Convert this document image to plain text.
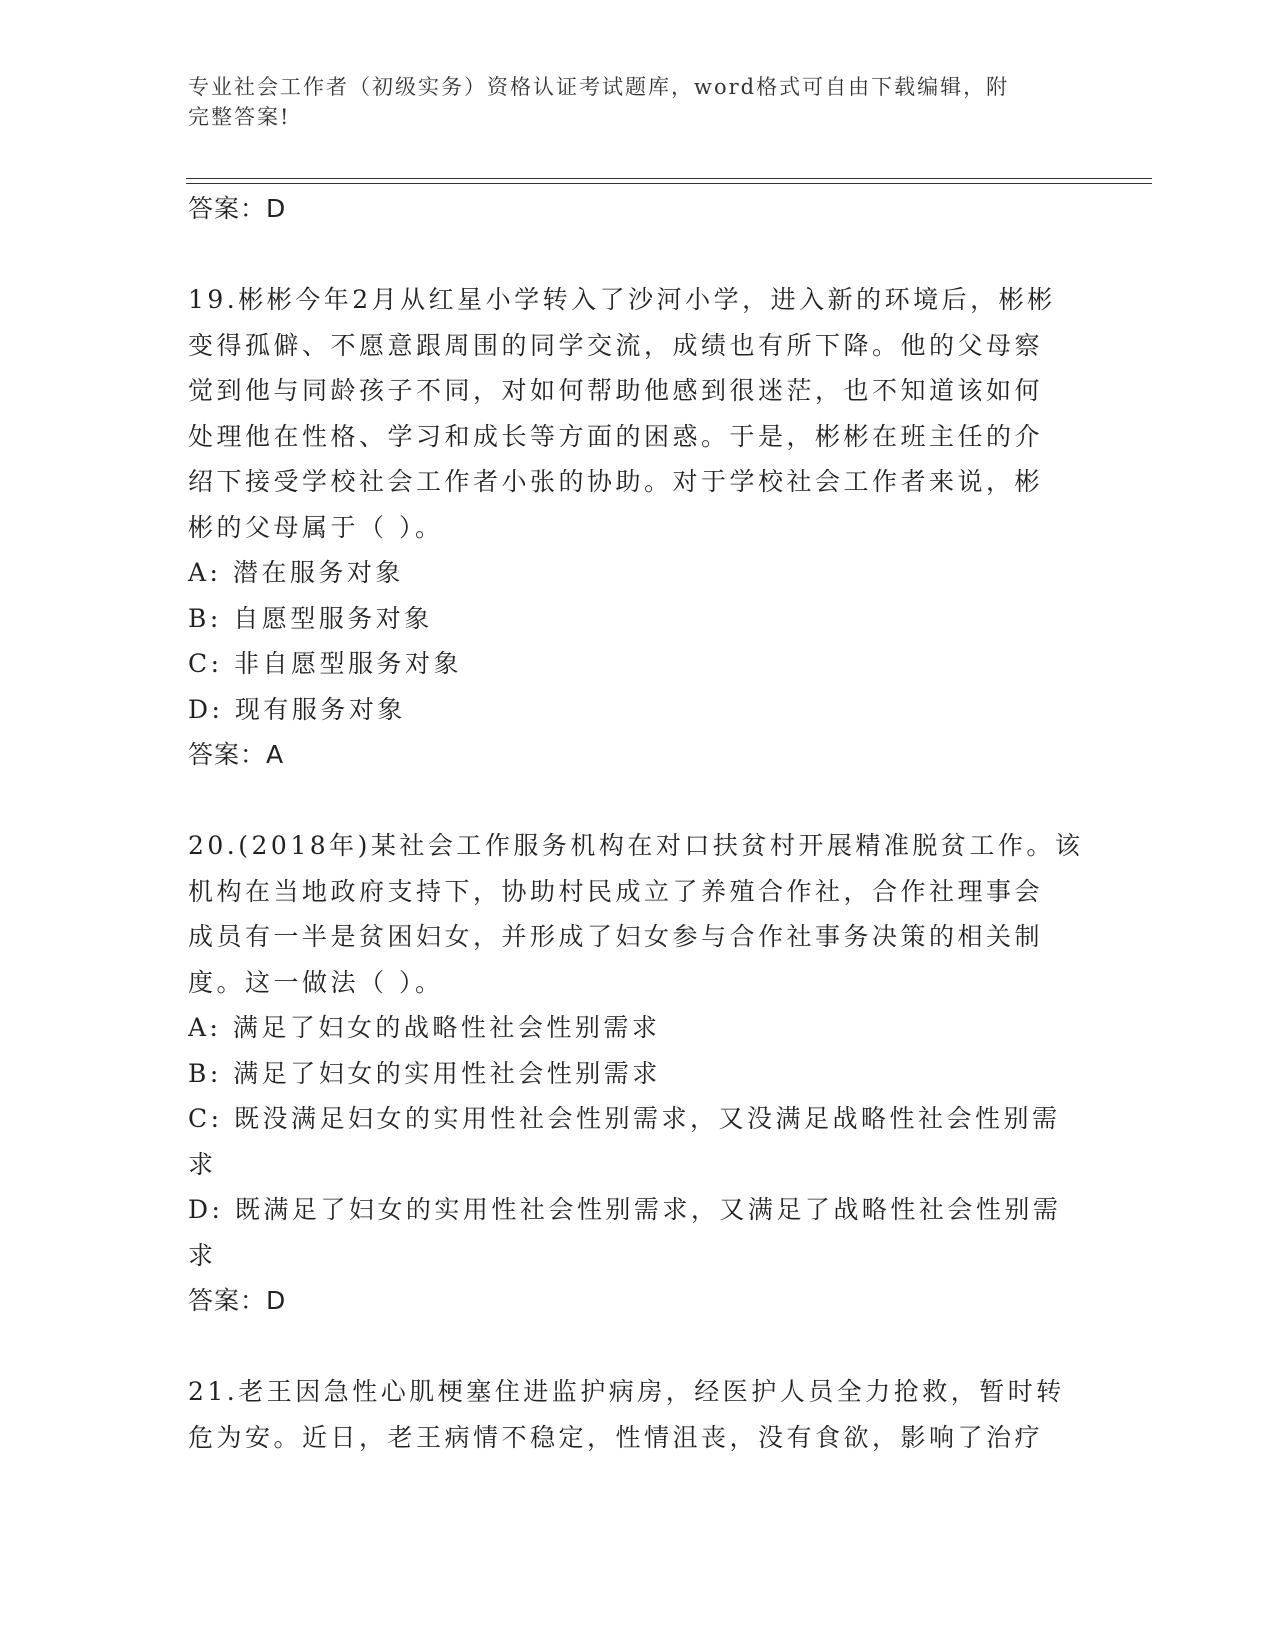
专业社会工作者（初级实务）资格认证考试题库，word格式可自由下载编辑，附
完整答案!
答案：D
19.彬彬今年2月从红星小学转入了沙河小学，进入新的环境后，彬彬
变得孤僻、不愿意跟周围的同学交流，成绩也有所下降。他的父母察
觉到他与同龄孩子不同，对如何帮助他感到很迷茫，也不知道该如何
处理他在性格、学习和成长等方面的困惑。于是，彬彬在班主任的介
绍下接受学校社会工作者小张的协助。对于学校社会工作者来说，彬
彬的父母属于（ ）。
A: 潜在服务对象
B: 自愿型服务对象
C: 非自愿型服务对象
D: 现有服务对象
答案：A
20.(2018年)某社会工作服务机构在对口扶贫村开展精准脱贫工作。该
机构在当地政府支持下，协助村民成立了养殖合作社，合作社理事会
成员有一半是贫困妇女，并形成了妇女参与合作社事务决策的相关制
度。这一做法（ ）。
A: 满足了妇女的战略性社会性别需求
B: 满足了妇女的实用性社会性别需求
C: 既没满足妇女的实用性社会性别需求，又没满足战略性社会性别需
求
D: 既满足了妇女的实用性社会性别需求，又满足了战略性社会性别需
求
答案：D
21.老王因急性心肌梗塞住进监护病房，经医护人员全力抢救，暂时转
危为安。近日，老王病情不稳定，性情沮丧，没有食欲，影响了治疗
